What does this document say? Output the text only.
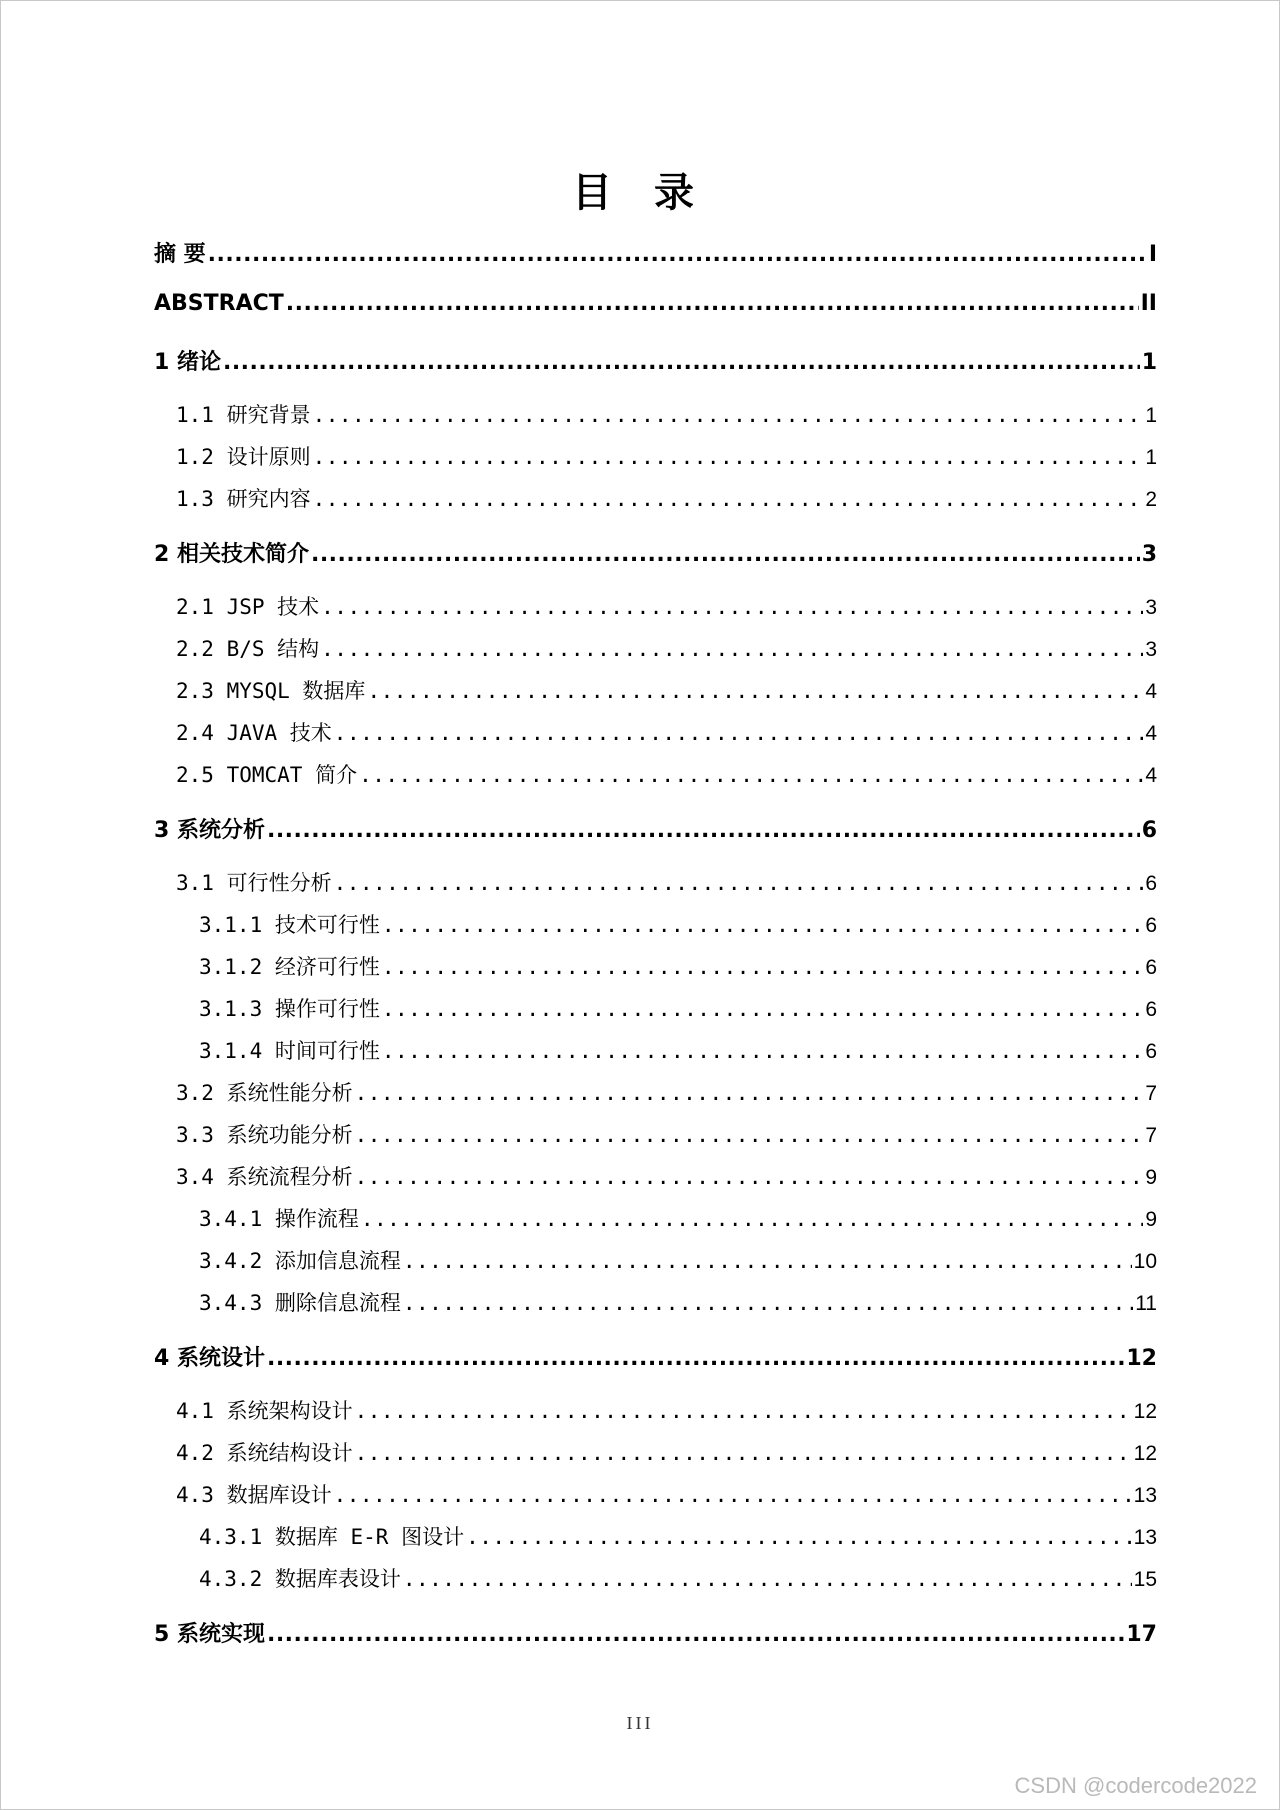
目 录
摘 要 .....	I
ABSTRACT .....	II
1 绪论 .....	1
1.1 研究背景 .....	1
1.2 设计原则 .....	1
1.3 研究内容 .....	2
2 相关技术简介 .....	3
2.1 JSP 技术 .....	3
2.2 B/S 结构 .....	3
2.3 MYSQL 数据库 .....	4
2.4 JAVA 技术 .....	4
2.5 TOMCAT 简介 .....	4
3 系统分析 .....	6
3.1 可行性分析 .....	6
3.1.1 技术可行性 .....	6
3.1.2 经济可行性 .....	6
3.1.3 操作可行性 .....	6
3.1.4 时间可行性 .....	6
3.2 系统性能分析 .....	7
3.3 系统功能分析 .....	7
3.4 系统流程分析 .....	9
3.4.1 操作流程 .....	9
3.4.2 添加信息流程 .....	10
3.4.3 删除信息流程 .....	11
4 系统设计 .....	12
4.1 系统架构设计 .....	12
4.2 系统结构设计 .....	12
4.3 数据库设计 .....	13
4.3.1 数据库 E-R 图设计 .....	13
4.3.2 数据库表设计 .....	15
5 系统实现 .....	17
III
CSDN @codercode2022
